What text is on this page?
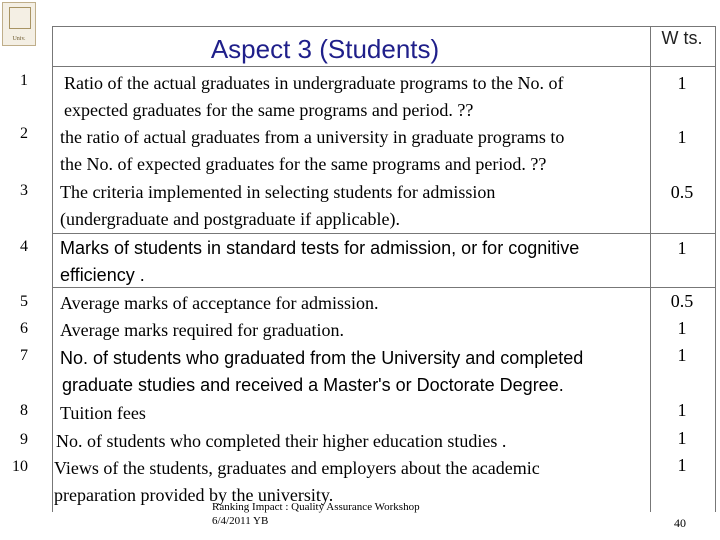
Univ.	Aspect 3 (Students)	W ts.
1 Ratio of the actual graduates in undergraduate programs to the No. of
expected graduates for the same programs and period. ??
1
2 the ratio of actual graduates from a university in graduate programs to
the No. of expected graduates for the same programs and period. ??
1
3 The criteria implemented in selecting students for admission
(undergraduate and postgraduate if applicable).
0.5
4 Marks of students in standard tests for admission, or for cognitive
efficiency .
1
5 Average marks of acceptance for admission.	0.5
6 Average marks required for graduation.	1
7 No. of students who graduated from the University and completed
graduate studies and received a Master's or Doctorate Degree.
1
8 Tuition fees	1
9 No. of students who completed their higher education studies .	1
10 Views of the students, graduates and employers about the academic
preparation provided by the university.
1
Ranking Impact : Quality Assurance Workshop
6/4/2011 YB	40
